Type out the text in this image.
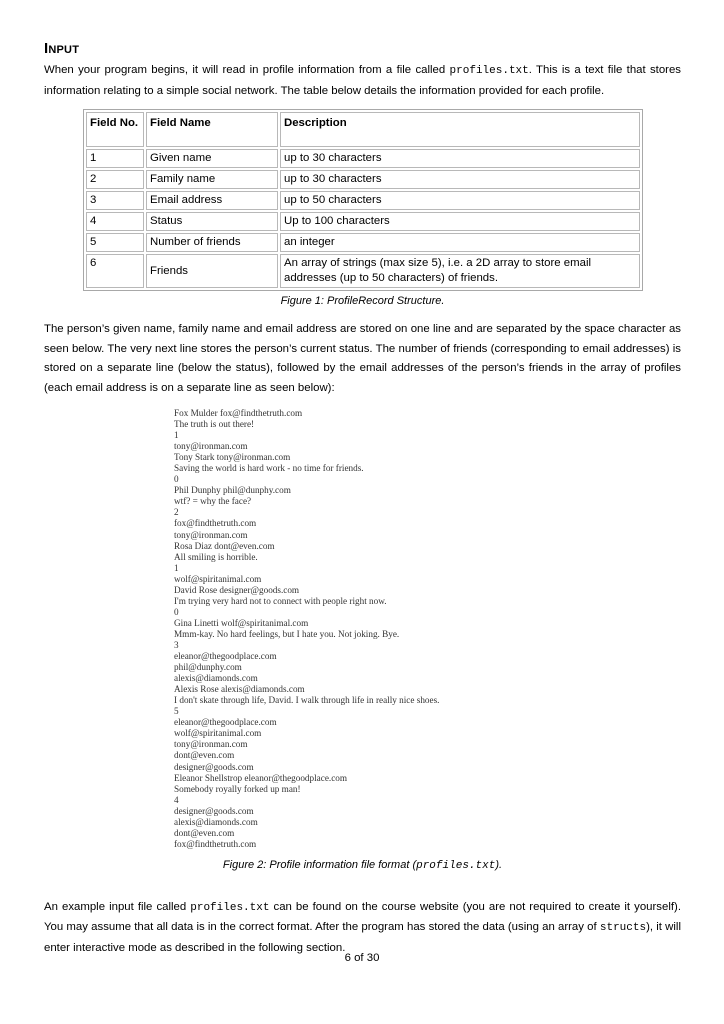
Input

When your program begins, it will read in profile information from a file called profiles.txt. This is a text file that stores information relating to a simple social network. The table below details the information provided for each profile.

Field No.	Field Name	Description
1	Given name	up to 30 characters
2	Family name	up to 30 characters
3	Email address	up to 50 characters
4	Status	Up to 100 characters
5	Number of friends	an integer
6	Friends	An array of strings (max size 5), i.e. a 2D array to store email addresses (up to 50 characters) of friends.
Figure 1: ProfileRecord Structure.

The person’s given name, family name and email address are stored on one line and are separated by the space character as seen below. The very next line stores the person’s current status. The number of friends (corresponding to email addresses) is stored on a separate line (below the status), followed by the email addresses of the person’s friends in the array of profiles (each email address is on a separate line as seen below):

Fox Mulder fox@findthetruth.com
The truth is out there!
1
tony@ironman.com
Tony Stark tony@ironman.com
Saving the world is hard work - no time for friends.
0
Phil Dunphy phil@dunphy.com
wtf? = why the face?
2
fox@findthetruth.com
tony@ironman.com
Rosa Diaz dont@even.com
All smiling is horrible.
1
wolf@spiritanimal.com
David Rose designer@goods.com
I'm trying very hard not to connect with people right now.
0
Gina Linetti wolf@spiritanimal.com
Mmm-kay. No hard feelings, but I hate you. Not joking. Bye.
3
eleanor@thegoodplace.com
phil@dunphy.com
alexis@diamonds.com
Alexis Rose alexis@diamonds.com
I don't skate through life, David. I walk through life in really nice shoes.
5
eleanor@thegoodplace.com
wolf@spiritanimal.com
tony@ironman.com
dont@even.com
designer@goods.com
Eleanor Shellstrop eleanor@thegoodplace.com
Somebody royally forked up man!
4
designer@goods.com
alexis@diamonds.com
dont@even.com
fox@findthetruth.com
Figure 2: Profile information file format (profiles.txt).

An example input file called profiles.txt can be found on the course website (you are not required to create it yourself). You may assume that all data is in the correct format. After the program has stored the data (using an array of structs), it will enter interactive mode as described in the following section.

6 of 30
